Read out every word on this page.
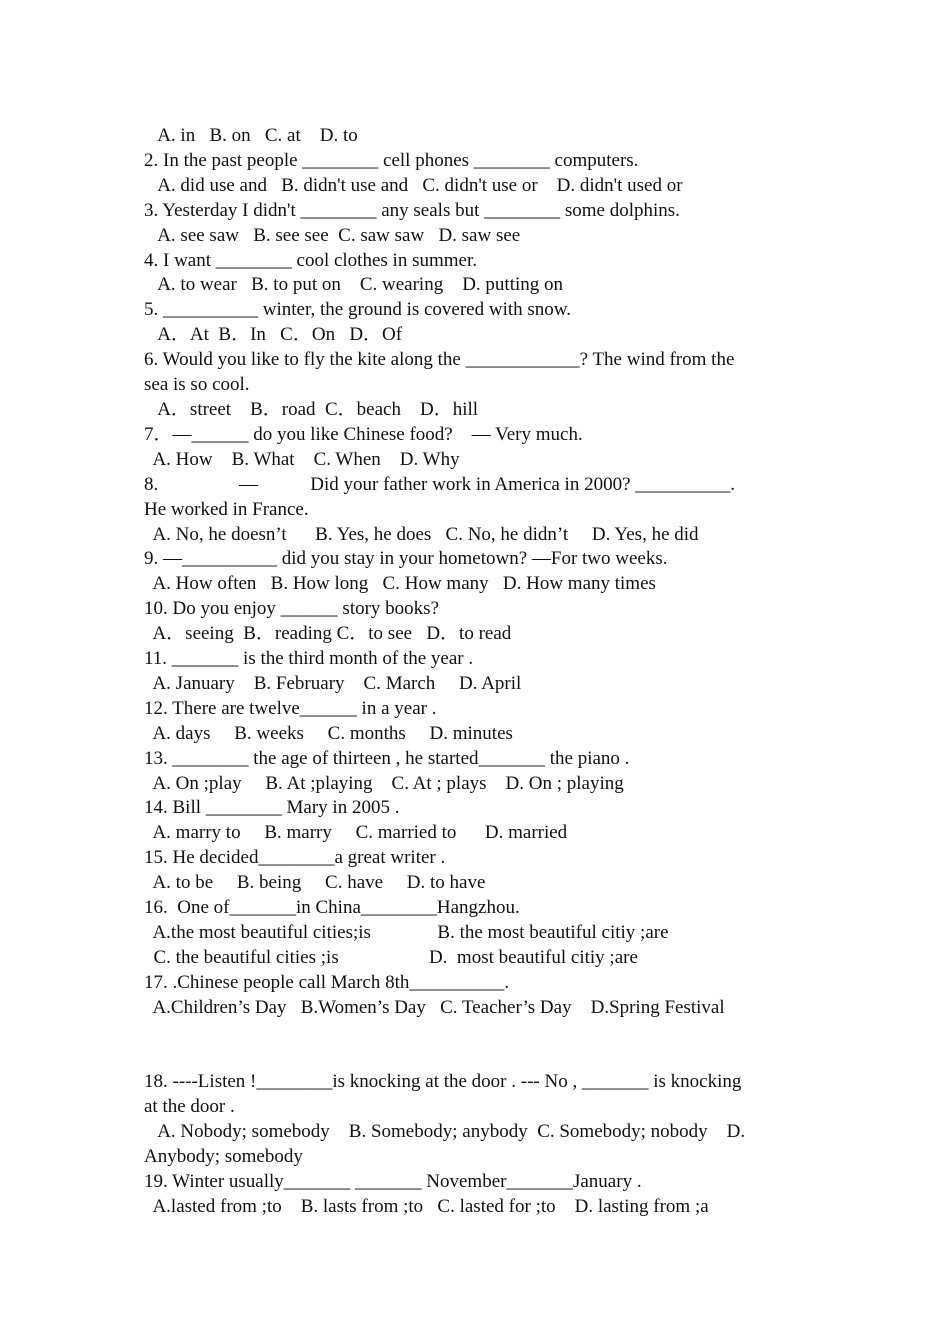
A. in   B. on   C. at    D. to
2. In the past people ________ cell phones ________ computers.
A. did use and   B. didn't use and   C. didn't use or    D. didn't used or
3. Yesterday I didn't ________ any seals but ________ some dolphins.
A. see saw   B. see see  C. saw saw   D. saw see
4. I want ________ cool clothes in summer.
A. to wear   B. to put on    C. wearing    D. putting on
5. __________ winter, the ground is covered with snow.
A．At  B．In   C．On   D．Of
6. Would you like to fly the kite along the ____________? The wind from the
sea is so cool.
A．street    B．road  C．beach    D．hill
7．—______ do you like Chinese food?    — Very much.
A. How    B. What    C. When    D. Why
8.                 —           Did your father work in America in 2000? __________.
He worked in France.
A. No, he doesn’t      B. Yes, he does   C. No, he didn’t     D. Yes, he did
9. —__________ did you stay in your hometown? —For two weeks.
A. How often   B. How long   C. How many   D. How many times
10. Do you enjoy ______ story books?
A．seeing  B．reading C．to see   D．to read
11. _______ is the third month of the year .
A. January    B. February    C. March     D. April
12. There are twelve______ in a year .
A. days     B. weeks     C. months     D. minutes
13. ________ the age of thirteen , he started_______ the piano .
A. On ;play     B. At ;playing    C. At ; plays    D. On ; playing
14. Bill ________ Mary in 2005 .
A. marry to     B. marry     C. married to      D. married
15. He decided________a great writer .
A. to be     B. being     C. have     D. to have
16.  One of_______in China________Hangzhou.
A.the most beautiful cities;is              B. the most beautiful citiy ;are
C. the beautiful cities ;is                   D.  most beautiful citiy ;are
17. .Chinese people call March 8th__________.
A.Children’s Day   B.Women’s Day   C. Teacher’s Day    D.Spring Festival
18. ----Listen !________is knocking at the door . --- No , _______ is knocking
at the door .
A. Nobody; somebody    B. Somebody; anybody  C. Somebody; nobody    D.
Anybody; somebody
19. Winter usually_______ _______ November_______January .
A.lasted from ;to    B. lasts from ;to   C. lasted for ;to    D. lasting from ;a
